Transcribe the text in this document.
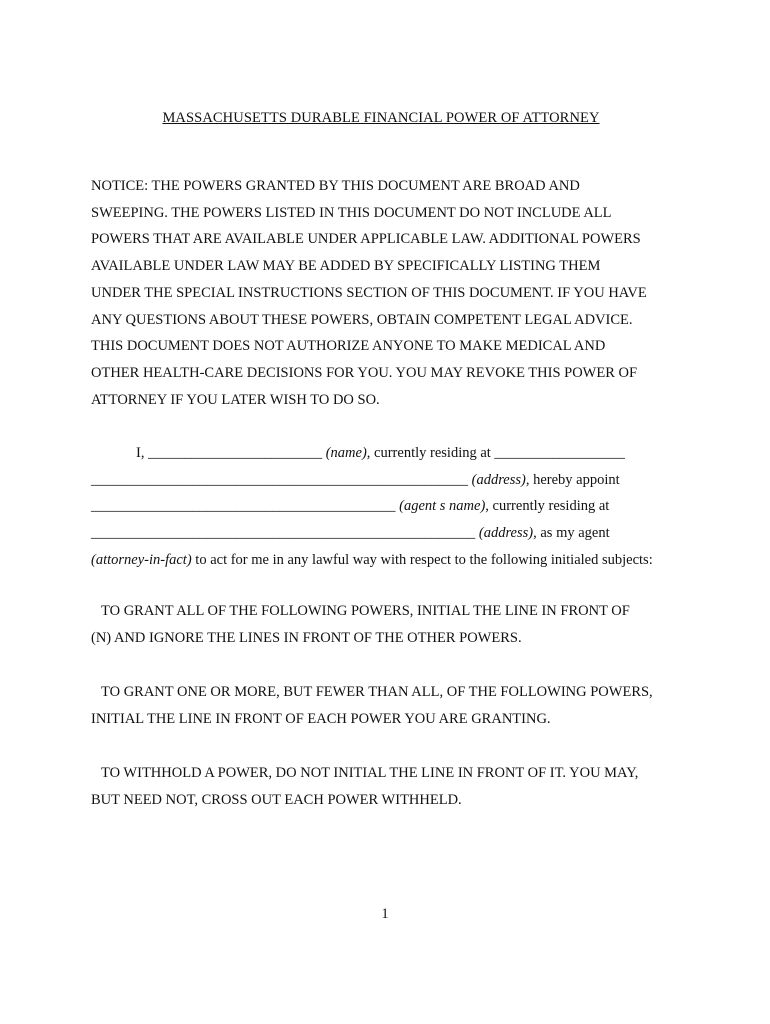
MASSACHUSETTS DURABLE FINANCIAL POWER OF ATTORNEY
NOTICE: THE POWERS GRANTED BY THIS DOCUMENT ARE BROAD AND
SWEEPING. THE POWERS LISTED IN THIS DOCUMENT DO NOT INCLUDE ALL
POWERS THAT ARE AVAILABLE UNDER APPLICABLE LAW. ADDITIONAL POWERS
AVAILABLE UNDER LAW MAY BE ADDED BY SPECIFICALLY LISTING THEM
UNDER THE SPECIAL INSTRUCTIONS SECTION OF THIS DOCUMENT. IF YOU HAVE
ANY QUESTIONS ABOUT THESE POWERS, OBTAIN COMPETENT LEGAL ADVICE.
THIS DOCUMENT DOES NOT AUTHORIZE ANYONE TO MAKE MEDICAL AND
OTHER HEALTH-CARE DECISIONS FOR YOU. YOU MAY REVOKE THIS POWER OF
ATTORNEY IF YOU LATER WISH TO DO SO.
I, ________________________ (name), currently residing at __________________
____________________________________________________ (address), hereby appoint
__________________________________________ (agent s name), currently residing at
_____________________________________________________ (address), as my agent
(attorney-in-fact) to act for me in any lawful way with respect to the following initialed subjects:
TO GRANT ALL OF THE FOLLOWING POWERS, INITIAL THE LINE IN FRONT OF
(N) AND IGNORE THE LINES IN FRONT OF THE OTHER POWERS.
TO GRANT ONE OR MORE, BUT FEWER THAN ALL, OF THE FOLLOWING POWERS,
INITIAL THE LINE IN FRONT OF EACH POWER YOU ARE GRANTING.
TO WITHHOLD A POWER, DO NOT INITIAL THE LINE IN FRONT OF IT. YOU MAY,
BUT NEED NOT, CROSS OUT EACH POWER WITHHELD.
1
